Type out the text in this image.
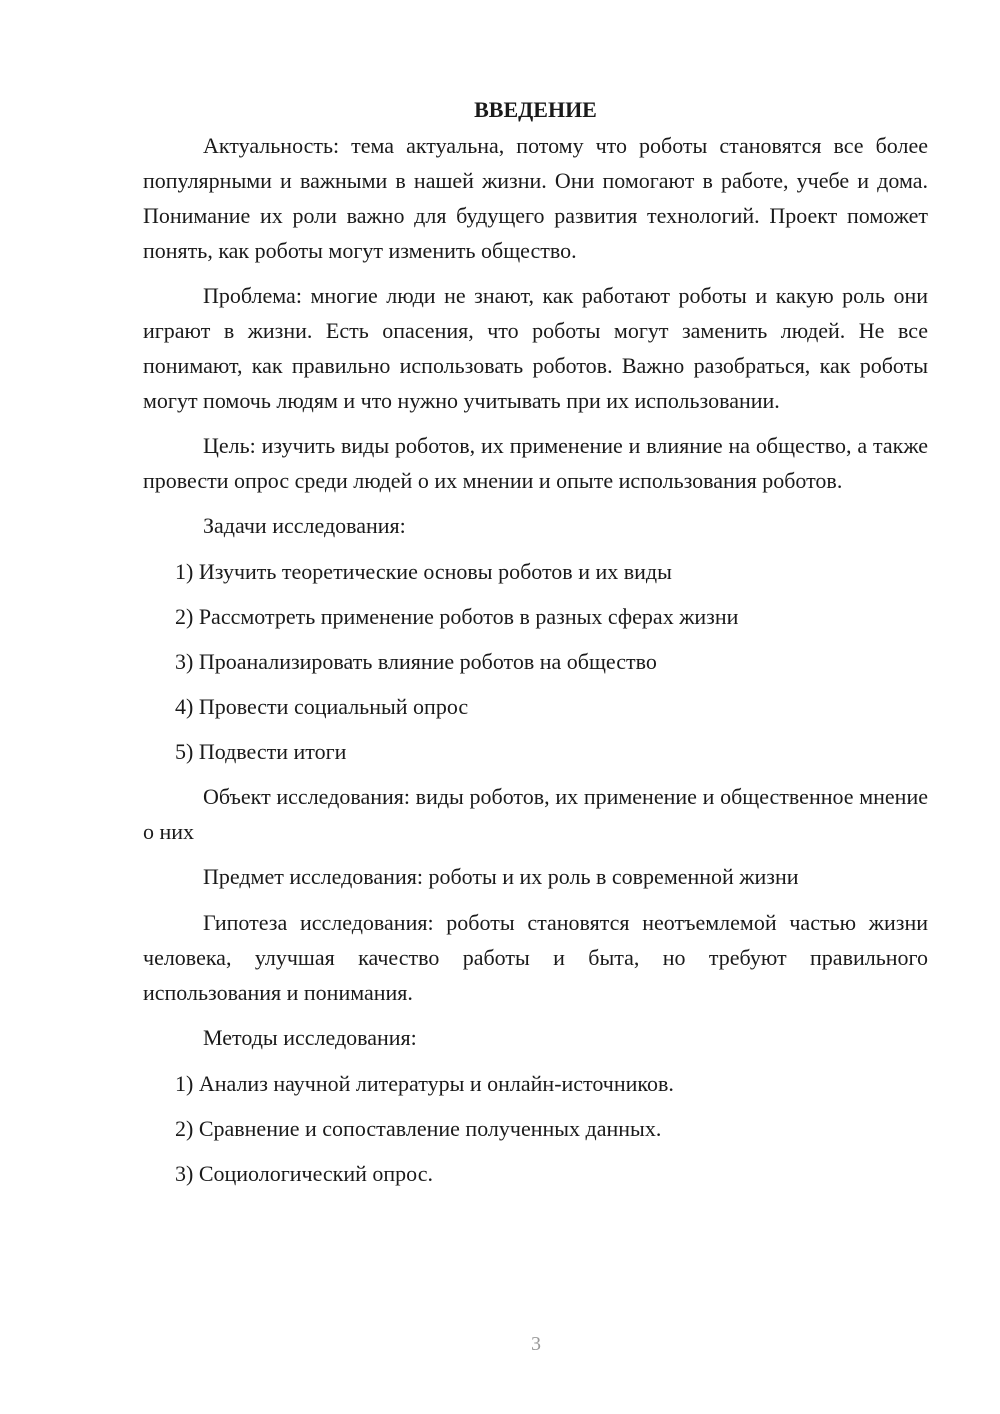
ВВЕДЕНИЕ

Актуальность: тема актуальна, потому что роботы становятся все более популярными и важными в нашей жизни. Они помогают в работе, учебе и дома. Понимание их роли важно для будущего развития технологий. Проект поможет понять, как роботы могут изменить общество.

Проблема: многие люди не знают, как работают роботы и какую роль они играют в жизни. Есть опасения, что роботы могут заменить людей. Не все понимают, как правильно использовать роботов. Важно разобраться, как роботы могут помочь людям и что нужно учитывать при их использовании.

Цель: изучить виды роботов, их применение и влияние на общество, а также провести опрос среди людей о их мнении и опыте использования роботов.

Задачи исследования:

1) Изучить теоретические основы роботов и их виды

2) Рассмотреть применение роботов в разных сферах жизни

3) Проанализировать влияние роботов на общество

4) Провести социальный опрос

5) Подвести итоги

Объект исследования: виды роботов, их применение и общественное мнение о них

Предмет исследования: роботы и их роль в современной жизни

Гипотеза исследования: роботы становятся неотъемлемой частью жизни человека, улучшая качество работы и быта, но требуют правильного использования и понимания.

Методы исследования:

1) Анализ научной литературы и онлайн-источников.

2) Сравнение и сопоставление полученных данных.

3) Социологический опрос.

3
